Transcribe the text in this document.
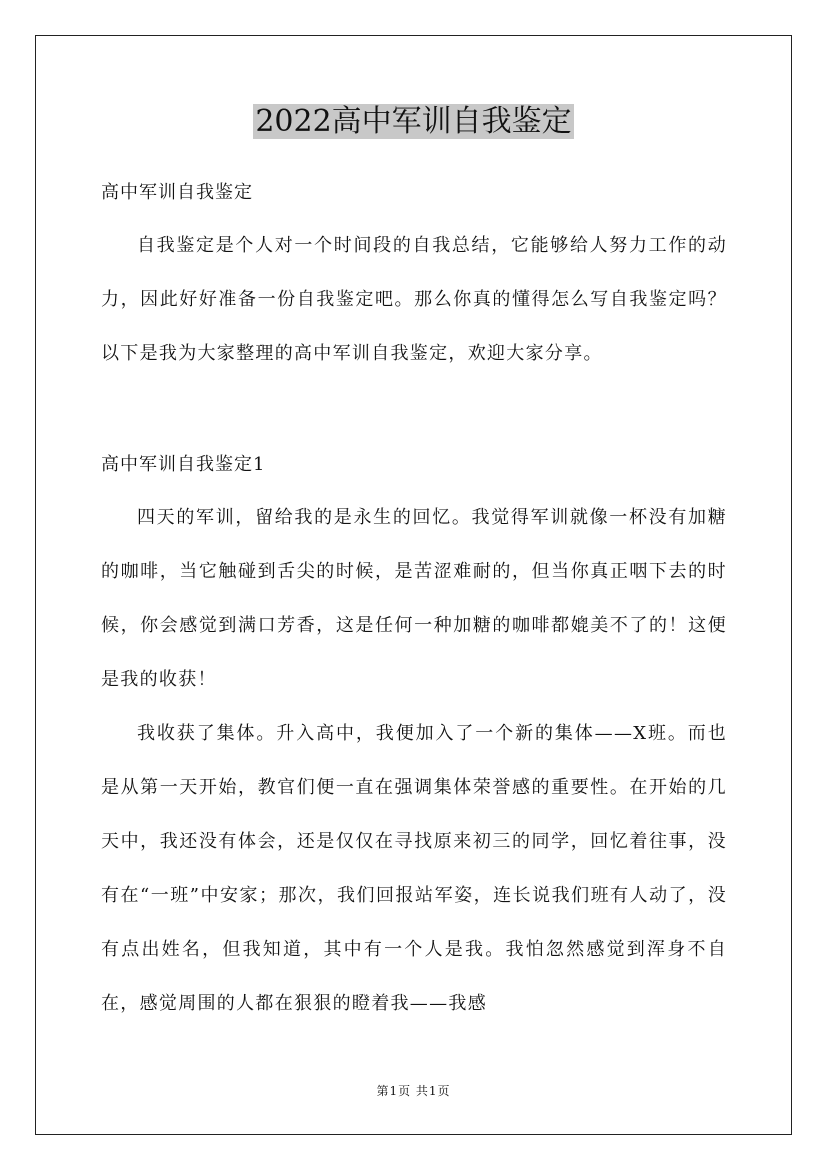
2022高中军训自我鉴定
高中军训自我鉴定

自我鉴定是个人对一个时间段的自我总结，它能够给人努力工作的动力，因此好好准备一份自我鉴定吧。那么你真的懂得怎么写自我鉴定吗？以下是我为大家整理的高中军训自我鉴定，欢迎大家分享。

高中军训自我鉴定1

四天的军训，留给我的是永生的回忆。我觉得军训就像一杯没有加糖的咖啡，当它触碰到舌尖的时候，是苦涩难耐的，但当你真正咽下去的时候，你会感觉到满口芳香，这是任何一种加糖的咖啡都媲美不了的！这便是我的收获！

我收获了集体。升入高中，我便加入了一个新的集体——X班。而也是从第一天开始，教官们便一直在强调集体荣誉感的重要性。在开始的几天中，我还没有体会，还是仅仅在寻找原来初三的同学，回忆着往事，没有在“一班”中安家；那次，我们回报站军姿，连长说我们班有人动了，没有点出姓名，但我知道，其中有一个人是我。我怕忽然感觉到浑身不自在，感觉周围的人都在狠狠的瞪着我——我感

第1页 共1页
